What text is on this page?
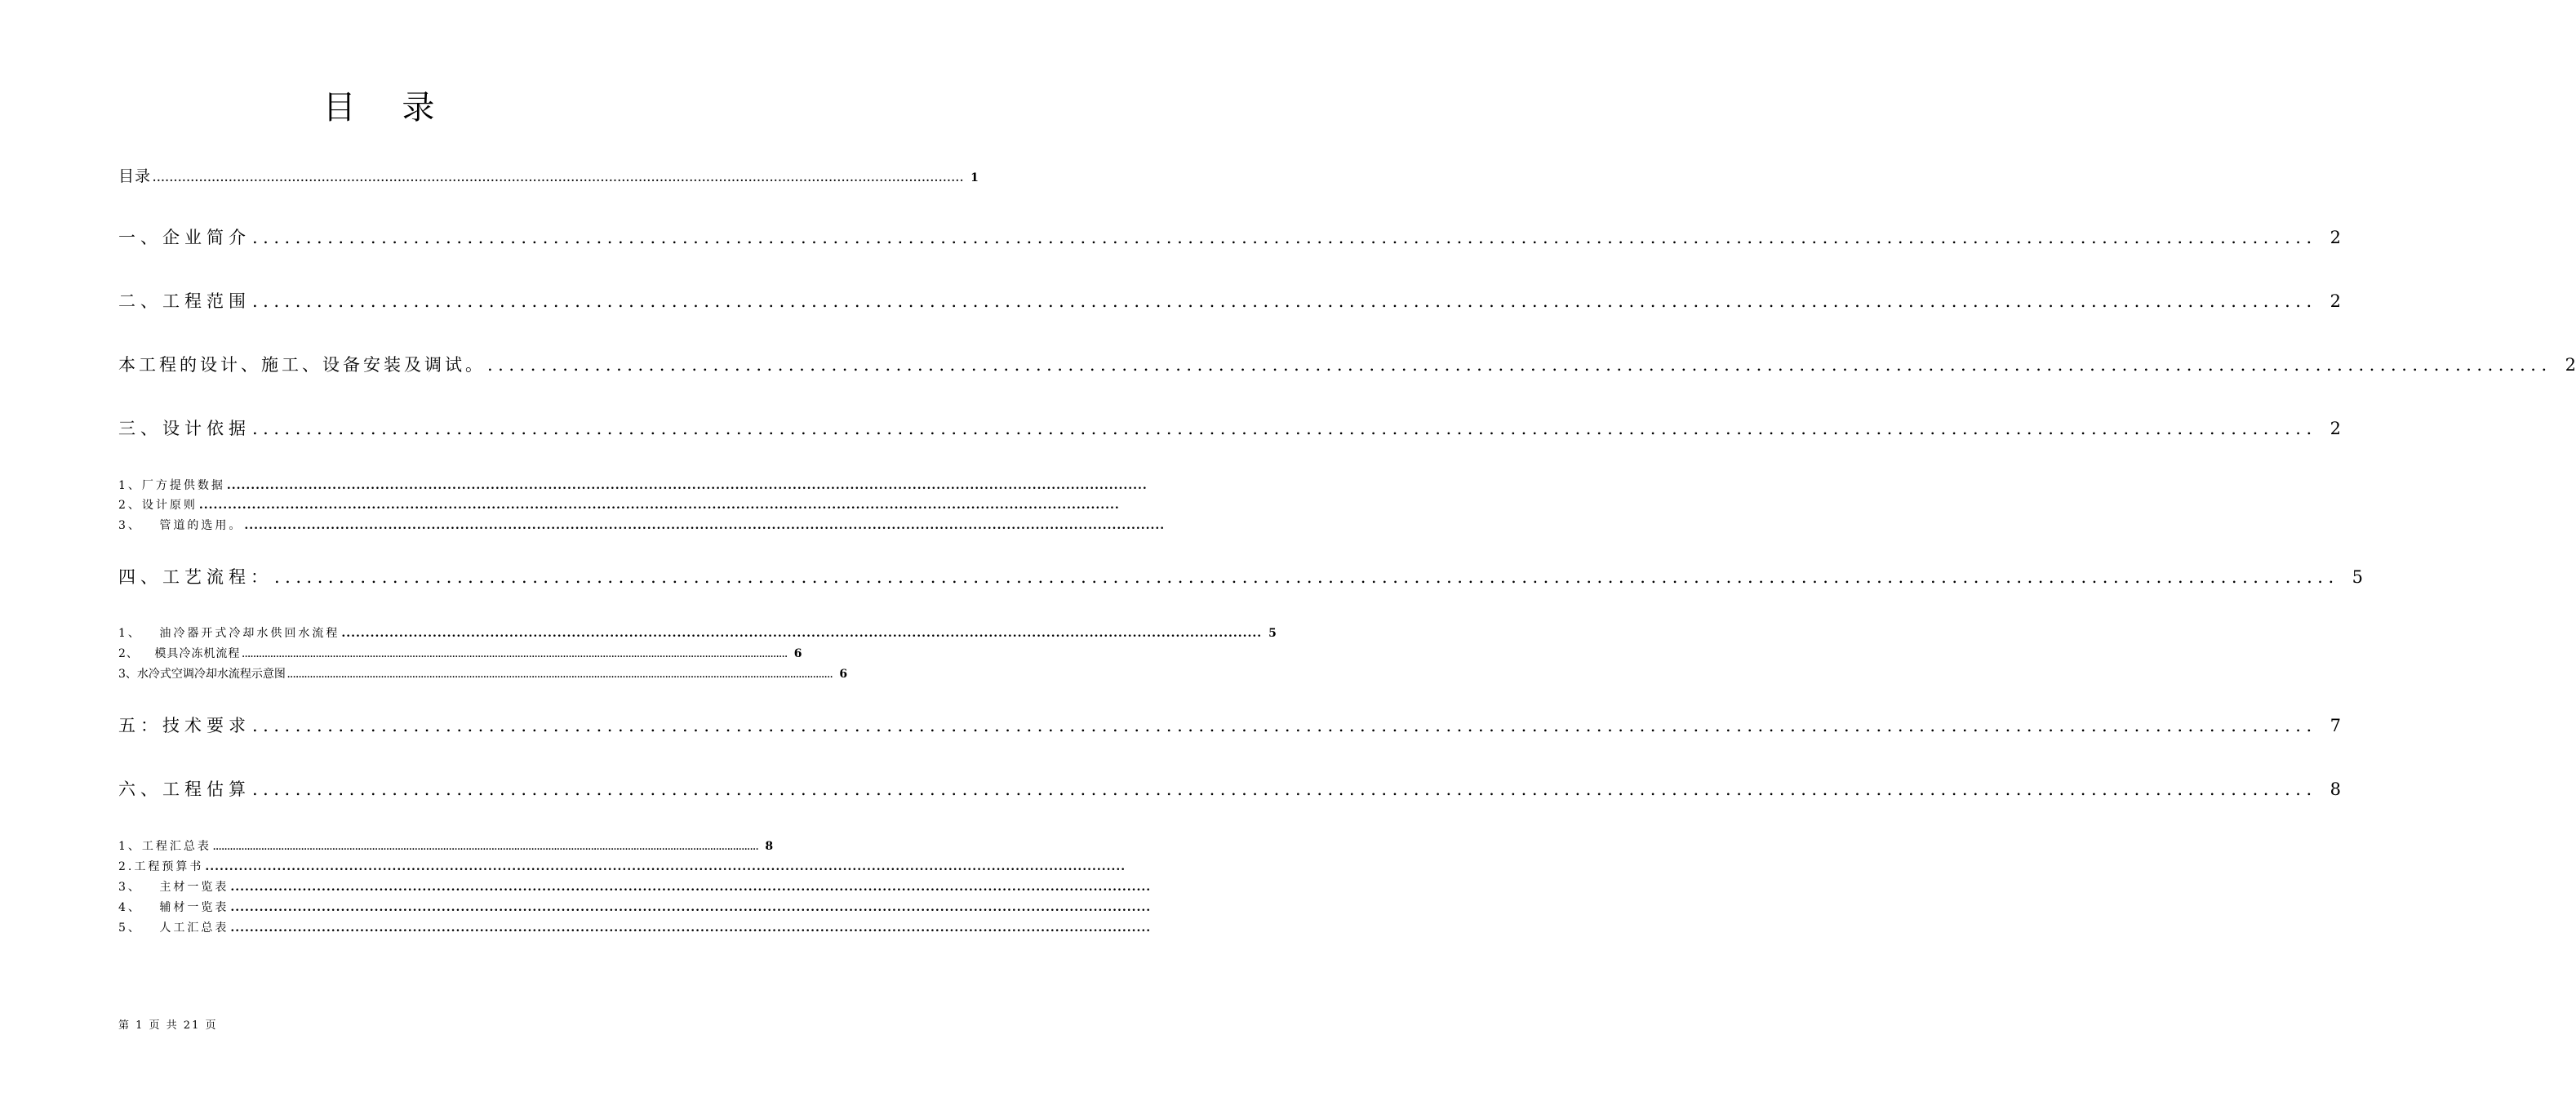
目 录
目录 ................................................................................................................................................................................................ 1
一、企业简介 ................................................................................................................................................................................................ 2
二、工程范围 ................................................................................................................................................................................................ 2
本工程的设计、施工、设备安装及调试。 ................................................................................................................................................................................................ 2
三、设计依据 ................................................................................................................................................................................................ 2
1、厂方提供数据 ................................................................................................................................................................................................
2、设计原则 ................................................................................................................................................................................................
3、 管道的选用。 ................................................................................................................................................................................................
四、工艺流程： ................................................................................................................................................................................................ 5
1、 油冷器开式冷却水供回水流程 ................................................................................................................................................................................................ 5
2、 模具冷冻机流程 ................................................................................................................................................................................................ 6
3、水冷式空调冷却水流程示意图 ................................................................................................................................................................................................ 6
五：技术要求 ................................................................................................................................................................................................ 7
六、工程估算 ................................................................................................................................................................................................ 8
1、工程汇总表 ................................................................................................................................................................................................ 8
2.工程预算书 ................................................................................................................................................................................................
3、 主材一览表 ................................................................................................................................................................................................
4、 辅材一览表 ................................................................................................................................................................................................
5、 人工汇总表 ................................................................................................................................................................................................
第 1 页 共 21 页
